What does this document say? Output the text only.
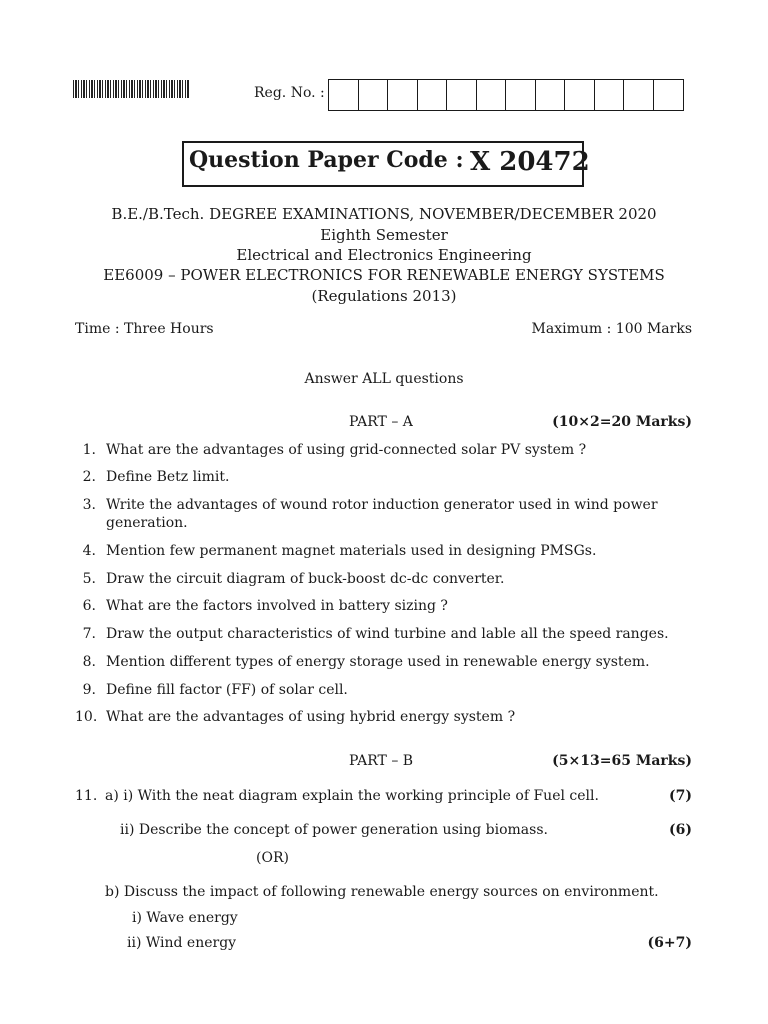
Reg. No. :
Question Paper Code : X 20472
B.E./B.Tech. DEGREE EXAMINATIONS, NOVEMBER/DECEMBER 2020
Eighth Semester
Electrical and Electronics Engineering
EE6009 – POWER ELECTRONICS FOR RENEWABLE ENERGY SYSTEMS
(Regulations 2013)
Time : Three Hours	Maximum : 100 Marks
Answer ALL questions
PART – A	(10×2=20 Marks)
1. What are the advantages of using grid-connected solar PV system ?
2. Define Betz limit.
3. Write the advantages of wound rotor induction generator used in wind power generation.
4. Mention few permanent magnet materials used in designing PMSGs.
5. Draw the circuit diagram of buck-boost dc-dc converter.
6. What are the factors involved in battery sizing ?
7. Draw the output characteristics of wind turbine and lable all the speed ranges.
8. Mention different types of energy storage used in renewable energy system.
9. Define fill factor (FF) of solar cell.
10. What are the advantages of using hybrid energy system ?
PART – B	(5×13=65 Marks)
11. a) i) With the neat diagram explain the working principle of Fuel cell.	(7)
ii) Describe the concept of power generation using biomass.	(6)
(OR)
b) Discuss the impact of following renewable energy sources on environment.
i) Wave energy
ii) Wind energy	(6+7)
